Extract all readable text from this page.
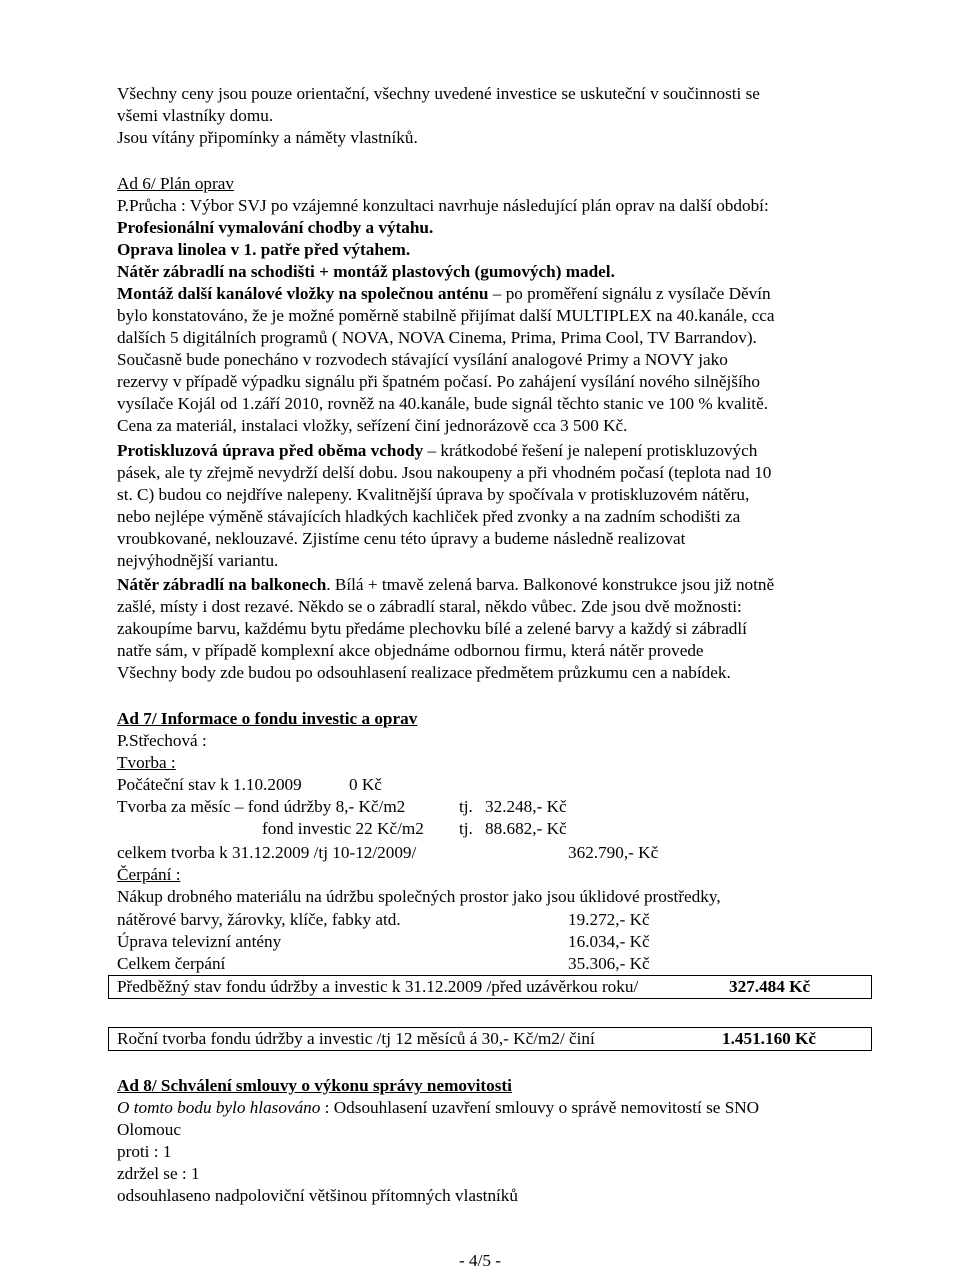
Všechny ceny jsou pouze orientační, všechny uvedené investice se uskuteční v součinnosti se
všemi vlastníky domu.
Jsou vítány připomínky a náměty vlastníků.
Ad 6/ Plán oprav
P.Průcha : Výbor SVJ po vzájemné konzultaci navrhuje následující plán oprav na další období:
Profesionální vymalování chodby a výtahu.
Oprava linolea v 1. patře před výtahem.
Nátěr zábradlí na schodišti + montáž plastových (gumových) madel.
Montáž další kanálové vložky na společnou anténu – po proměření signálu z vysílače Děvín
bylo konstatováno, že je možné poměrně stabilně přijímat další MULTIPLEX na 40.kanále, cca
dalších 5 digitálních programů ( NOVA, NOVA Cinema, Prima, Prima Cool, TV Barrandov).
Současně bude ponecháno v rozvodech stávající vysílání analogové Primy a NOVY jako
rezervy v případě výpadku signálu při špatném počasí. Po zahájení vysílání nového silnějšího
vysílače Kojál od 1.září 2010, rovněž na 40.kanále, bude signál těchto stanic ve 100 % kvalitě.
Cena za materiál, instalaci vložky, seřízení činí jednorázově cca 3 500 Kč.
Protiskluzová úprava před oběma vchody – krátkodobé řešení je nalepení protiskluzových
pásek, ale ty zřejmě nevydrží delší dobu. Jsou nakoupeny a při vhodném počasí (teplota nad 10
st. C) budou co nejdříve nalepeny. Kvalitnější úprava by spočívala v protiskluzovém nátěru,
nebo nejlépe výměně stávajících hladkých kachliček před zvonky a na zadním schodišti za
vroubkované, neklouzavé. Zjistíme cenu této úpravy a budeme následně realizovat
nejvýhodnější variantu.
Nátěr zábradlí na balkonech. Bílá + tmavě zelená barva. Balkonové konstrukce jsou již notně
zašlé, místy i dost rezavé. Někdo se o zábradlí staral, někdo vůbec. Zde jsou dvě možnosti:
zakoupíme barvu, každému bytu předáme plechovku bílé a zelené barvy a každý si zábradlí
natře sám, v případě komplexní akce objednáme odbornou firmu, která nátěr provede
Všechny body zde budou po odsouhlasení realizace předmětem průzkumu cen a nabídek.
Ad 7/ Informace o fondu investic a oprav
P.Střechová :
Tvorba :
Počáteční stav k 1.10.2009	0 Kč
Tvorba za měsíc – fond údržby 8,- Kč/m2	tj. 32.248,- Kč
fond investic 22 Kč/m2 tj. 88.682,- Kč
celkem tvorba k 31.12.2009 /tj 10-12/2009/	362.790,- Kč
Čerpání :
Nákup drobného materiálu na údržbu společných prostor jako jsou úklidové prostředky,
nátěrové barvy, žárovky, klíče, fabky atd.	19.272,- Kč
Úprava televizní antény	16.034,- Kč
Celkem čerpání	35.306,- Kč
Předběžný stav fondu údržby a investic k 31.12.2009 /před uzávěrkou roku/	327.484 Kč
Roční tvorba fondu údržby a investic /tj 12 měsíců á 30,- Kč/m2/ činí	1.451.160 Kč
Ad 8/ Schválení smlouvy o výkonu správy nemovitosti
O tomto bodu bylo hlasováno : Odsouhlasení uzavření smlouvy o správě nemovitostí se SNO
Olomouc
proti : 1
zdržel se : 1
odsouhlaseno nadpoloviční většinou přítomných vlastníků
- 4/5 -
